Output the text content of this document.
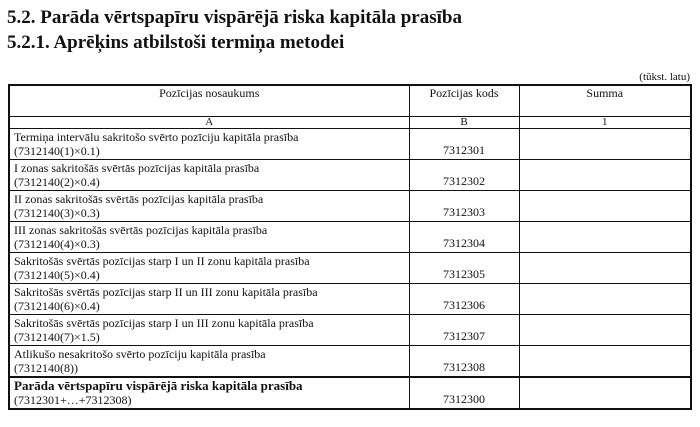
5.2. Parāda vērtspapīru vispārējā riska kapitāla prasība
5.2.1. Aprēķins atbilstoši termiņa metodei
(tūkst. latu)
Pozīcijas nosaukums	Pozīcijas kods	Summa
A	B	1

Termiņa intervālu sakritošo svērto pozīciju kapitāla prasība
(7312140(1)×0.1)	7312301	

I zonas sakritošās svērtās pozīcijas kapitāla prasība
(7312140(2)×0.4)	7312302	

II zonas sakritošās svērtās pozīcijas kapitāla prasība
(7312140(3)×0.3)	7312303	

III zonas sakritošās svērtās pozīcijas kapitāla prasība
(7312140(4)×0.3)	7312304	

Sakritošās svērtās pozīcijas starp I un II zonu kapitāla prasība
(7312140(5)×0.4)	7312305	

Sakritošās svērtās pozīcijas starp II un III zonu kapitāla prasība
(7312140(6)×0.4)	7312306	

Sakritošās svērtās pozīcijas starp I un III zonu kapitāla prasība
(7312140(7)×1.5)	7312307	

Atlikušo nesakritošo svērto pozīciju kapitāla prasība
(7312140(8))	7312308	

Parāda vērtspapīru vispārējā riska kapitāla prasība
(7312301+…+7312308)	7312300	
